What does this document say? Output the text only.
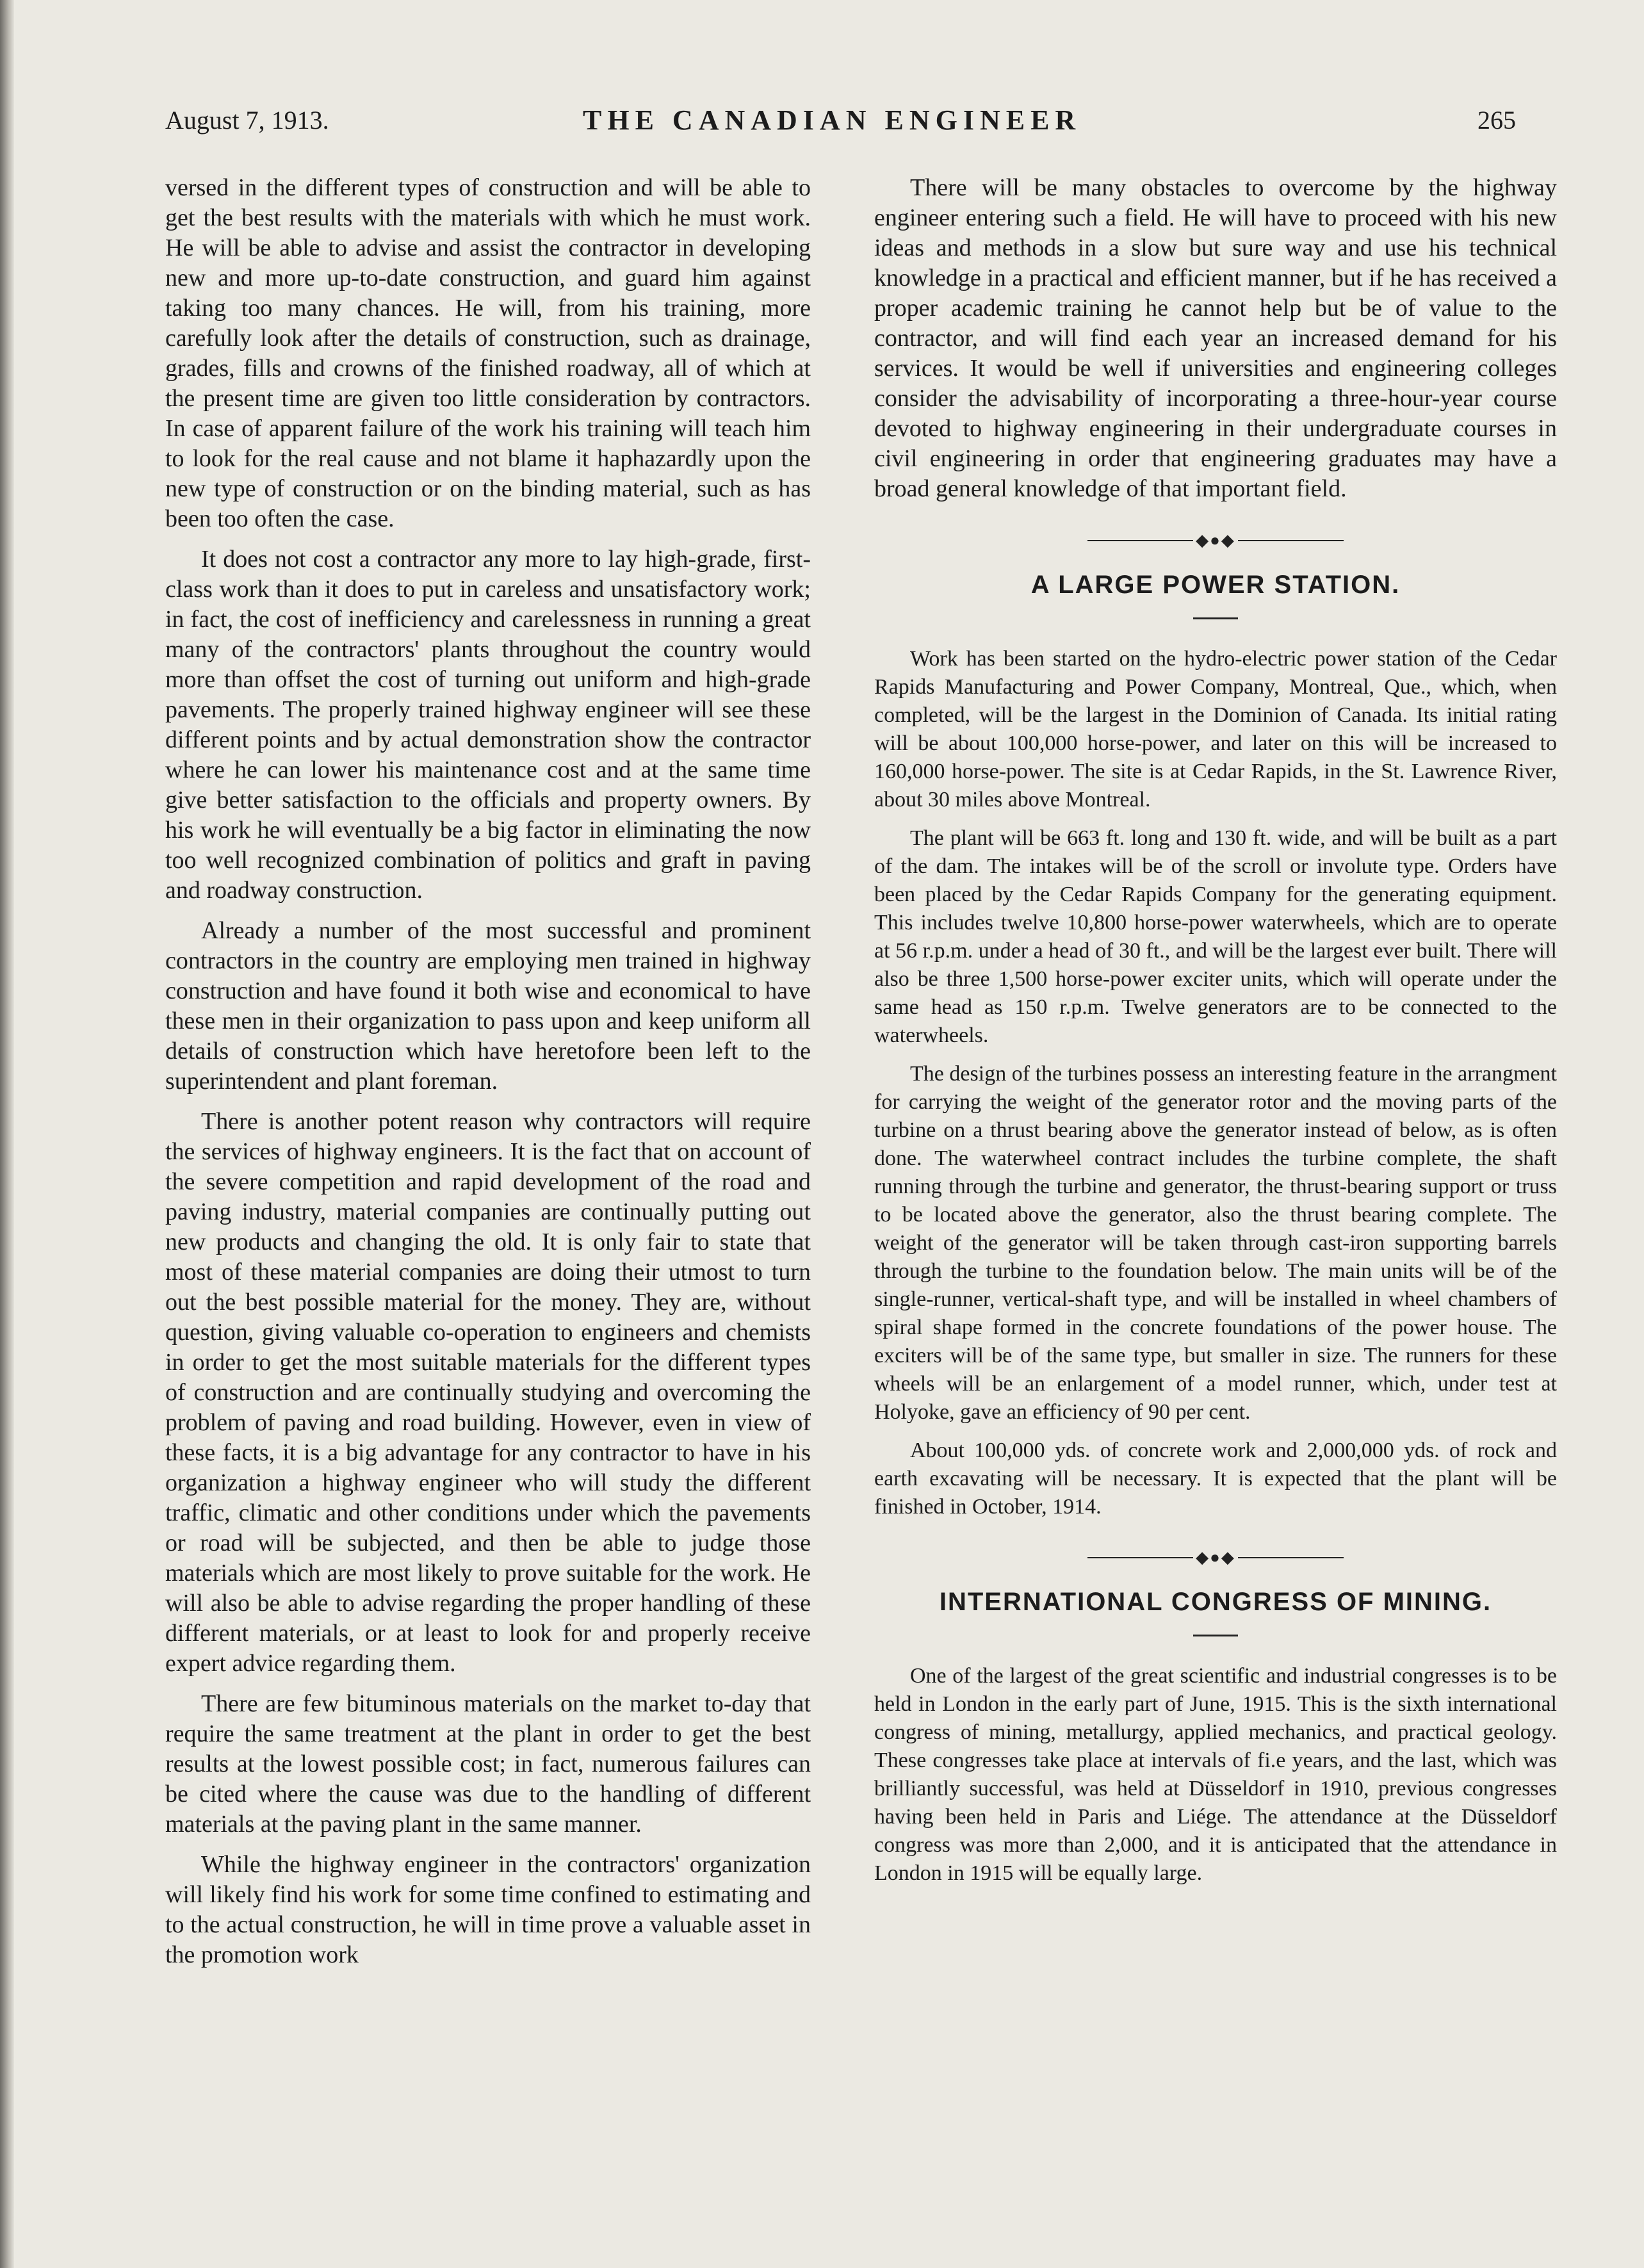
August 7, 1913.	THE CANADIAN ENGINEER	265

versed in the different types of construction and will be able to get the best results with the materials with which he must work. He will be able to advise and assist the contractor in developing new and more up-to-date construction, and guard him against taking too many chances. He will, from his training, more carefully look after the details of construction, such as drainage, grades, fills and crowns of the finished roadway, all of which at the present time are given too little consideration by contractors. In case of apparent failure of the work his training will teach him to look for the real cause and not blame it haphazardly upon the new type of construction or on the binding material, such as has been too often the case.

It does not cost a contractor any more to lay high-grade, first-class work than it does to put in careless and unsatisfactory work; in fact, the cost of inefficiency and carelessness in running a great many of the contractors' plants throughout the country would more than offset the cost of turning out uniform and high-grade pavements. The properly trained highway engineer will see these different points and by actual demonstration show the contractor where he can lower his maintenance cost and at the same time give better satisfaction to the officials and property owners. By his work he will eventually be a big factor in eliminating the now too well recognized combination of politics and graft in paving and roadway construction.

Already a number of the most successful and prominent contractors in the country are employing men trained in highway construction and have found it both wise and economical to have these men in their organization to pass upon and keep uniform all details of construction which have heretofore been left to the superintendent and plant foreman.

There is another potent reason why contractors will require the services of highway engineers. It is the fact that on account of the severe competition and rapid development of the road and paving industry, material companies are continually putting out new products and changing the old. It is only fair to state that most of these material companies are doing their utmost to turn out the best possible material for the money. They are, without question, giving valuable co-operation to engineers and chemists in order to get the most suitable materials for the different types of construction and are continually studying and overcoming the problem of paving and road building. However, even in view of these facts, it is a big advantage for any contractor to have in his organization a highway engineer who will study the different traffic, climatic and other conditions under which the pavements or road will be subjected, and then be able to judge those materials which are most likely to prove suitable for the work. He will also be able to advise regarding the proper handling of these different materials, or at least to look for and properly receive expert advice regarding them.

There are few bituminous materials on the market to-day that require the same treatment at the plant in order to get the best results at the lowest possible cost; in fact, numerous failures can be cited where the cause was due to the handling of different materials at the paving plant in the same manner.

While the highway engineer in the contractors' organization will likely find his work for some time confined to estimating and to the actual construction, he will in time prove a valuable asset in the promotion work

There will be many obstacles to overcome by the highway engineer entering such a field. He will have to proceed with his new ideas and methods in a slow but sure way and use his technical knowledge in a practical and efficient manner, but if he has received a proper academic training he cannot help but be of value to the contractor, and will find each year an increased demand for his services. It would be well if universities and engineering colleges consider the advisability of incorporating a three-hour-year course devoted to highway engineering in their undergraduate courses in civil engineering in order that engineering graduates may have a broad general knowledge of that important field.

◆●◆
A LARGE POWER STATION.

Work has been started on the hydro-electric power station of the Cedar Rapids Manufacturing and Power Company, Montreal, Que., which, when completed, will be the largest in the Dominion of Canada. Its initial rating will be about 100,000 horse-power, and later on this will be increased to 160,000 horse-power. The site is at Cedar Rapids, in the St. Lawrence River, about 30 miles above Montreal.

The plant will be 663 ft. long and 130 ft. wide, and will be built as a part of the dam. The intakes will be of the scroll or involute type. Orders have been placed by the Cedar Rapids Company for the generating equipment. This includes twelve 10,800 horse-power waterwheels, which are to operate at 56 r.p.m. under a head of 30 ft., and will be the largest ever built. There will also be three 1,500 horse-power exciter units, which will operate under the same head as 150 r.p.m. Twelve generators are to be connected to the waterwheels.

The design of the turbines possess an interesting feature in the arrangment for carrying the weight of the generator rotor and the moving parts of the turbine on a thrust bearing above the generator instead of below, as is often done. The waterwheel contract includes the turbine complete, the shaft running through the turbine and generator, the thrust-bearing support or truss to be located above the generator, also the thrust bearing complete. The weight of the generator will be taken through cast-iron supporting barrels through the turbine to the foundation below. The main units will be of the single-runner, vertical-shaft type, and will be installed in wheel chambers of spiral shape formed in the concrete foundations of the power house. The exciters will be of the same type, but smaller in size. The runners for these wheels will be an enlargement of a model runner, which, under test at Holyoke, gave an efficiency of 90 per cent.

About 100,000 yds. of concrete work and 2,000,000 yds. of rock and earth excavating will be necessary. It is expected that the plant will be finished in October, 1914.

◆●◆
INTERNATIONAL CONGRESS OF MINING.

One of the largest of the great scientific and industrial congresses is to be held in London in the early part of June, 1915. This is the sixth international congress of mining, metallurgy, applied mechanics, and practical geology. These congresses take place at intervals of fi.e years, and the last, which was brilliantly successful, was held at Düsseldorf in 1910, previous congresses having been held in Paris and Liége. The attendance at the Düsseldorf congress was more than 2,000, and it is anticipated that the attendance in London in 1915 will be equally large.
